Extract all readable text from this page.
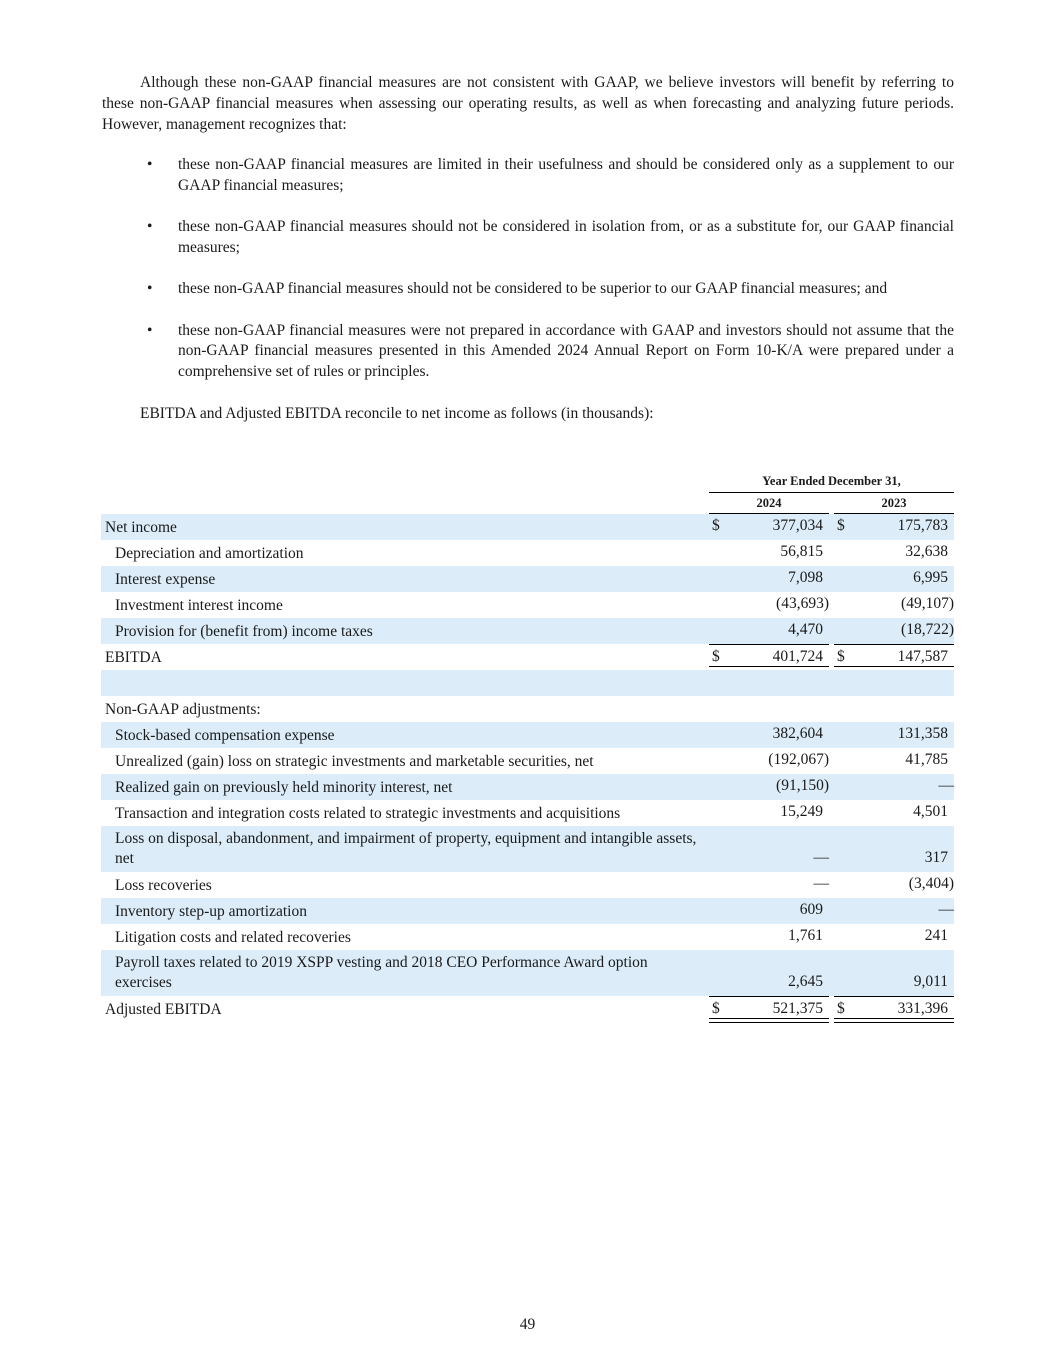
Although these non-GAAP financial measures are not consistent with GAAP, we believe investors will benefit by referring to these non-GAAP financial measures when assessing our operating results, as well as when forecasting and analyzing future periods. However, management recognizes that:

• these non-GAAP financial measures are limited in their usefulness and should be considered only as a supplement to our GAAP financial measures;
• these non-GAAP financial measures should not be considered in isolation from, or as a substitute for, our GAAP financial measures;
• these non-GAAP financial measures should not be considered to be superior to our GAAP financial measures; and
• these non-GAAP financial measures were not prepared in accordance with GAAP and investors should not assume that the non-GAAP financial measures presented in this Amended 2024 Annual Report on Form 10-K/A were prepared under a comprehensive set of rules or principles.

EBITDA and Adjusted EBITDA reconcile to net income as follows (in thousands):

Year Ended December 31,
2024	2023
Net income	$	377,034 $	175,783
Depreciation and amortization	56,815	32,638
Interest expense	7,098	6,995
Investment interest income	(43,693)	(49,107)
Provision for (benefit from) income taxes	4,470	(18,722)
EBITDA	$	401,724 $	147,587
Non-GAAP adjustments:
Stock-based compensation expense	382,604	131,358
Unrealized (gain) loss on strategic investments and marketable securities, net	(192,067)	41,785
Realized gain on previously held minority interest, net	(91,150)	—
Transaction and integration costs related to strategic investments and acquisitions	15,249	4,501
Loss on disposal, abandonment, and impairment of property, equipment and intangible assets, net	—	317
Loss recoveries	—	(3,404)
Inventory step-up amortization	609	—
Litigation costs and related recoveries	1,761	241
Payroll taxes related to 2019 XSPP vesting and 2018 CEO Performance Award option exercises	2,645	9,011
Adjusted EBITDA	$	521,375 $	331,396
49
